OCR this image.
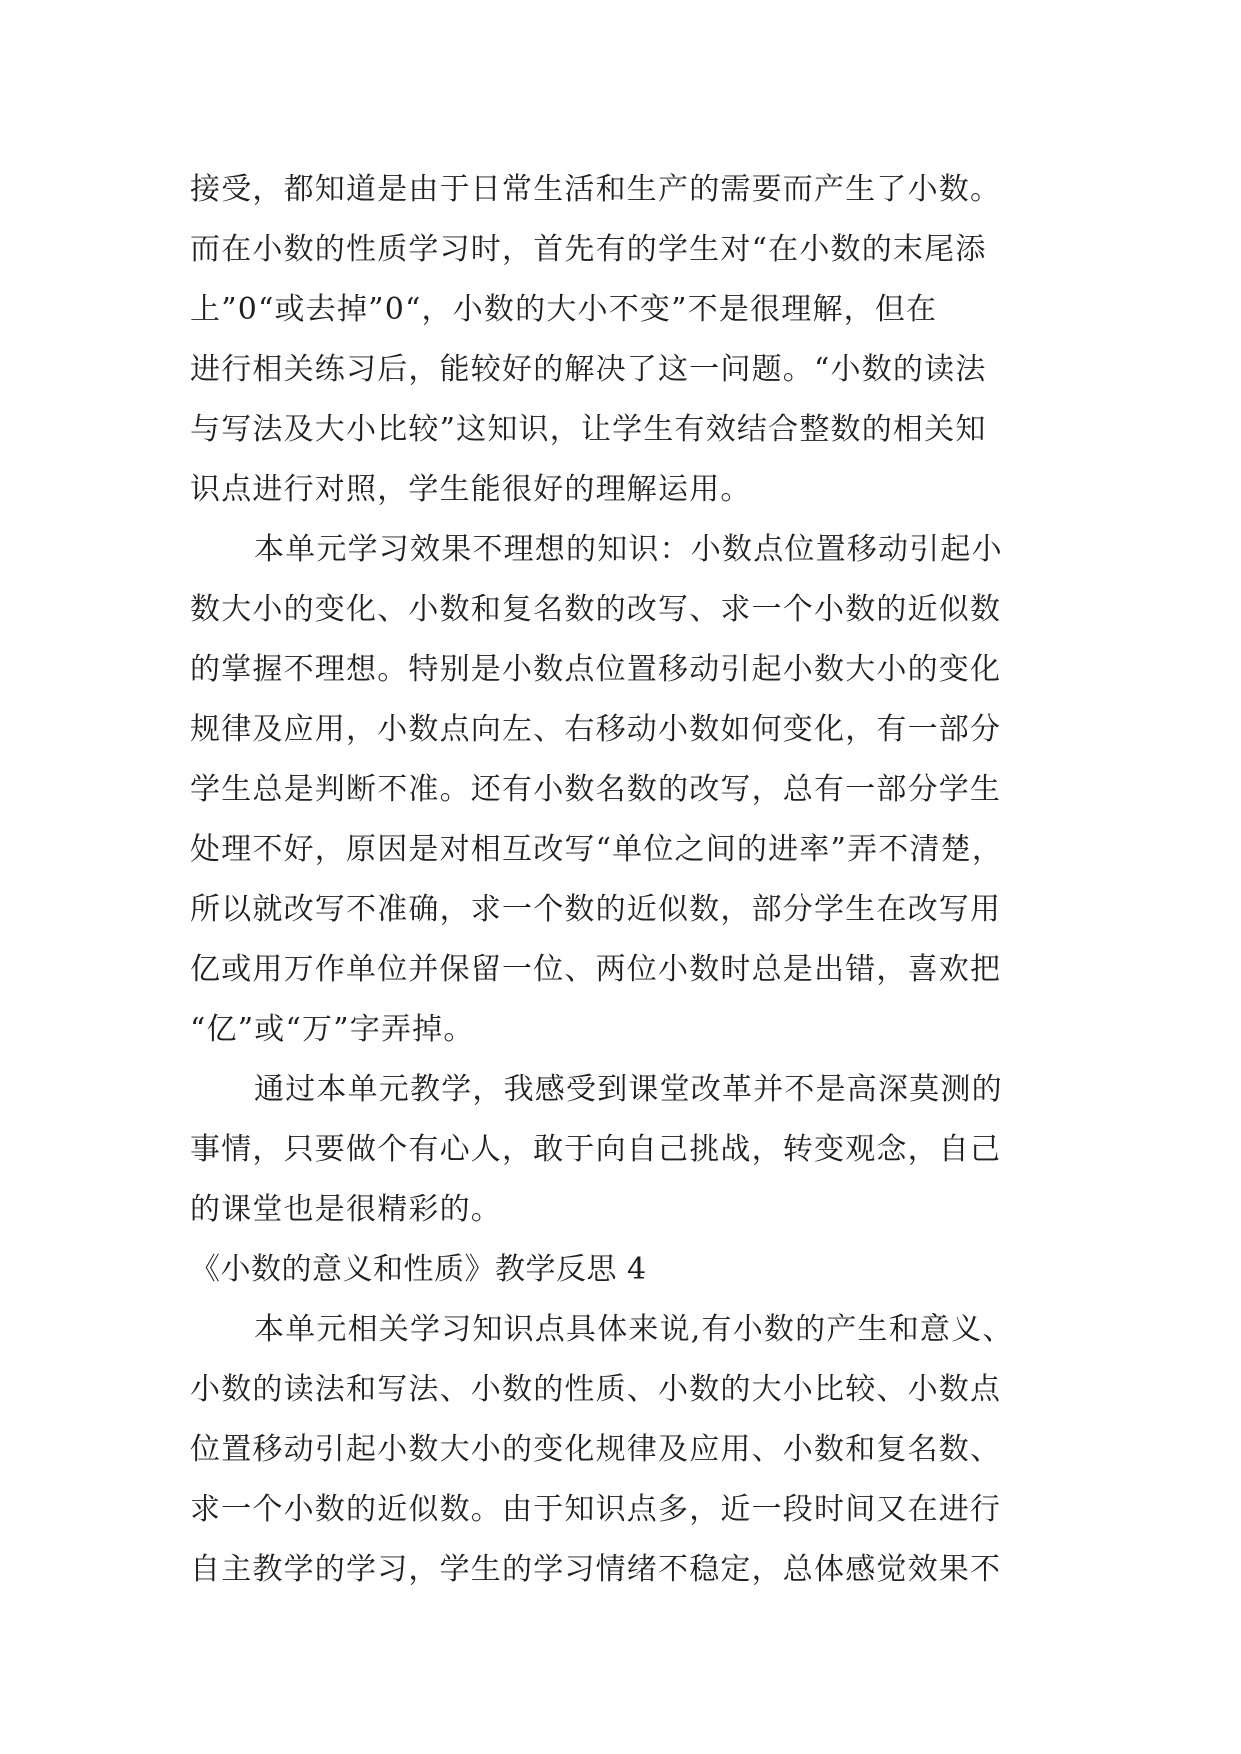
接受，都知道是由于日常生活和生产的需要而产生了小数。
而在小数的性质学习时，首先有的学生对“在小数的末尾添
上”0“或去掉”0“，小数的大小不变”不是很理解，但在
进行相关练习后，能较好的解决了这一问题。“小数的读法
与写法及大小比较”这知识，让学生有效结合整数的相关知
识点进行对照，学生能很好的理解运用。
本单元学习效果不理想的知识：小数点位置移动引起小
数大小的变化、小数和复名数的改写、求一个小数的近似数
的掌握不理想。特别是小数点位置移动引起小数大小的变化
规律及应用，小数点向左、右移动小数如何变化，有一部分
学生总是判断不准。还有小数名数的改写，总有一部分学生
处理不好，原因是对相互改写“单位之间的进率”弄不清楚，
所以就改写不准确，求一个数的近似数，部分学生在改写用
亿或用万作单位并保留一位、两位小数时总是出错，喜欢把
“亿”或“万”字弄掉。
通过本单元教学，我感受到课堂改革并不是高深莫测的
事情，只要做个有心人，敢于向自己挑战，转变观念，自己
的课堂也是很精彩的。
《小数的意义和性质》教学反思 4
本单元相关学习知识点具体来说,有小数的产生和意义、
小数的读法和写法、小数的性质、小数的大小比较、小数点
位置移动引起小数大小的变化规律及应用、小数和复名数、
求一个小数的近似数。由于知识点多，近一段时间又在进行
自主教学的学习，学生的学习情绪不稳定，总体感觉效果不
